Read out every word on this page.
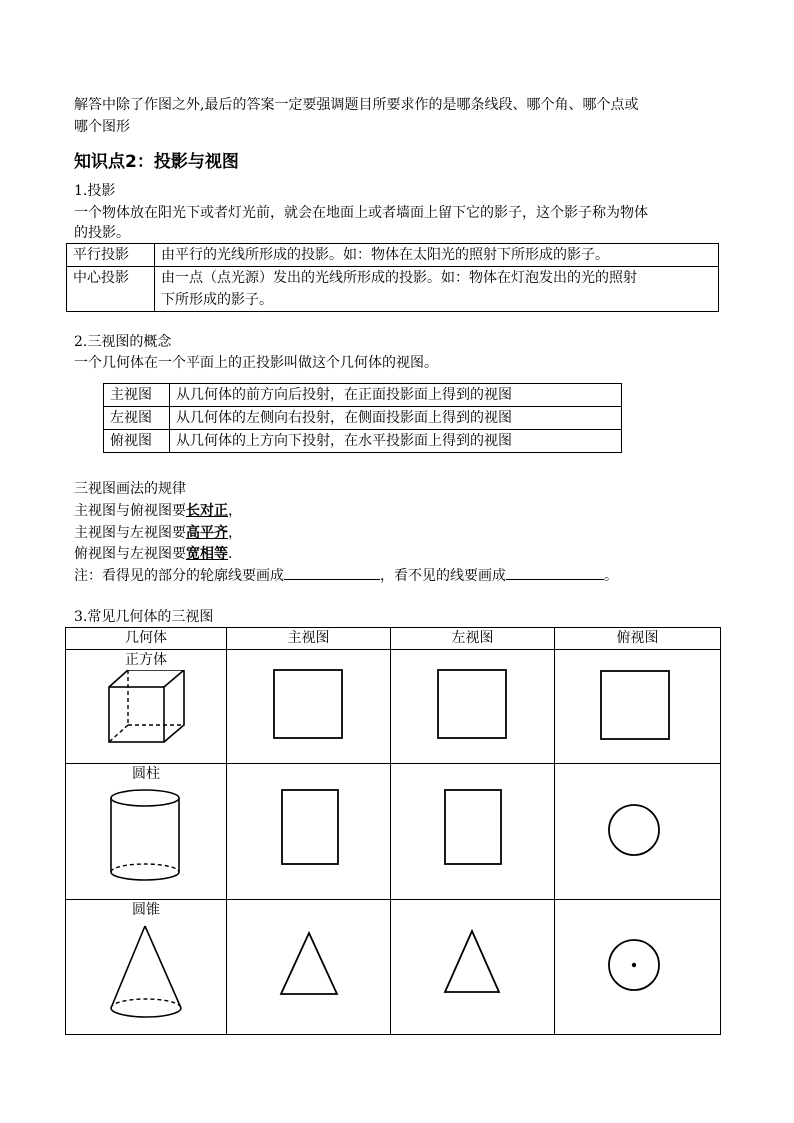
解答中除了作图之外,最后的答案一定要强调题目所要求作的是哪条线段、哪个角、哪个点或
哪个图形
知识点2：投影与视图
1.投影
一个物体放在阳光下或者灯光前，就会在地面上或者墙面上留下它的影子，这个影子称为物体
的投影。
平行投影	由平行的光线所形成的投影。如：物体在太阳光的照射下所形成的影子。
中心投影	由一点（点光源）发出的光线所形成的投影。如：物体在灯泡发出的光的照射
下所形成的影子。
2.三视图的概念
一个几何体在一个平面上的正投影叫做这个几何体的视图。
主视图	从几何体的前方向后投射，在正面投影面上得到的视图
左视图	从几何体的左侧向右投射，在侧面投影面上得到的视图
俯视图	从几何体的上方向下投射，在水平投影面上得到的视图
三视图画法的规律
主视图与俯视图要长对正，
主视图与左视图要高平齐，
俯视图与左视图要宽相等.
注：看得见的部分的轮廓线要画成	，看不见的线要画成	。
3.常见几何体的三视图
几何体	主视图	左视图	俯视图

正方体

圆柱

圆锥
